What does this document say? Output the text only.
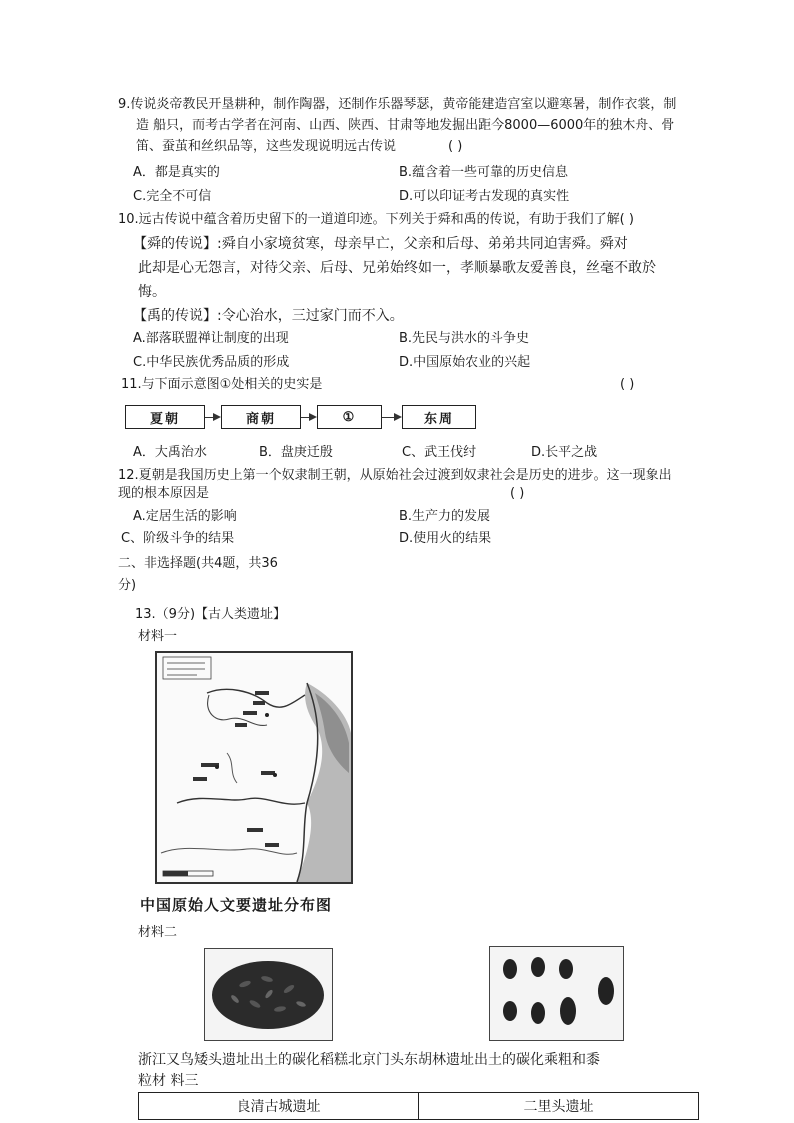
9.传说炎帝教民开垦耕种，制作陶器，还制作乐器琴瑟，黄帝能建造宫室以避寒暑，制作衣裳，制
造 船只，而考古学者在河南、山西、陕西、甘肃等地发掘出距今8000—6000年的独木舟、骨
笛、蚕茧和丝织品等，这些发现说明远古传说	( )
A．都是真实的	B.蕴含着一些可靠的历史信息
C.完全不可信	D.可以印证考古发现的真实性
10.远古传说中蕴含着历史留下的一道道印迹。下列关于舜和禹的传说，有助于我们了解( )
【舜的传说】:舜自小家境贫寒，母亲早亡，父亲和后母、弟弟共同迫害舜。舜对
此却是心无怨言，对待父亲、后母、兄弟始终如一，孝顺暴歌友爱善良，丝毫不敢於
悔。
【禹的传说】:令心治水，三过家门而不入。
A.部落联盟禅让制度的出现	B.先民与洪水的斗争史
C.中华民族优秀品质的形成	D.中国原始农业的兴起
11.与下面示意图①处相关的史实是	( )
夏朝	商朝	①	东周
A．大禹治水	B．盘庚迁殷	C、武王伐纣	D.长平之战
12.夏朝是我国历史上第一个奴隶制王朝，从原始社会过渡到奴隶社会是历史的进步。这一现象出
现的根本原因是	( )
A.定居生活的影响	B.生产力的发展
C、阶级斗争的结果	D.使用火的结果
二、非选择题(共4题，共36
分)
13.（9分)【古人类遗址】
材料一
中国原始人文要遗址分布图
材料二
浙江又鸟矮头遗址出土的碳化稻糕北京门头东胡林遗址出土的碳化乘粗和黍
粒材 料三
良清古城遗址	二里头遗址
